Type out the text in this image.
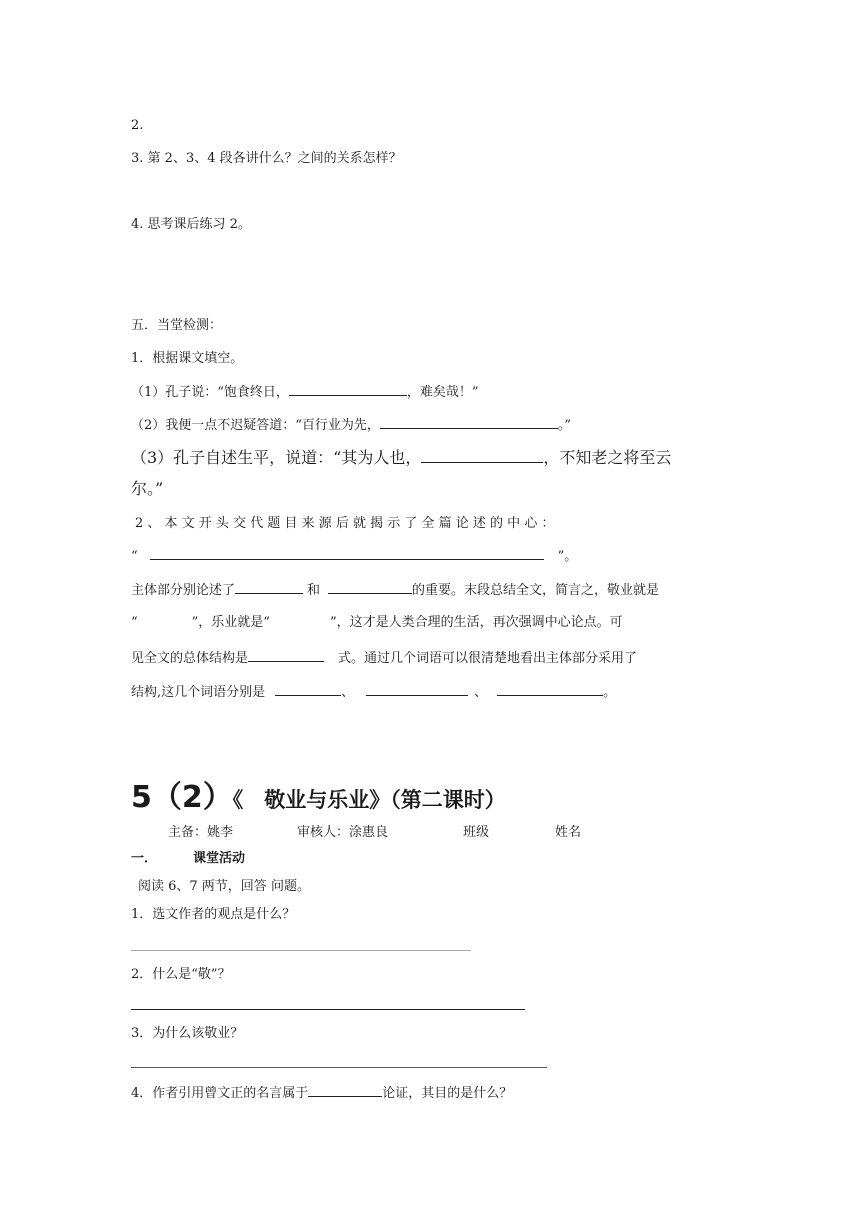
2.
3. 第 2、3、4 段各讲什么？之间的关系怎样？
4. 思考课后练习 2。
五．当堂检测：
1．根据课文填空。
（1）孔子说：“饱食终日，	，难矣哉！”
（2）我便一点不迟疑答道：“百行业为先，	。”
（3）孔子自述生平，说道：“其为人也，	，不知老之将至云
尔。”
2 、 本 文 开 头 交 代 题 目 来 源 后 就 揭 示 了 全 篇 论 述 的 中 心 ：
“	”。
主体部分别论述了	和	的重要。末段总结全文，简言之，敬业就是
“	”，乐业就是“	”，这才是人类合理的生活，再次强调中心论点。可
见全文的总体结构是	式。通过几个词语可以很清楚地看出主体部分采用了
结构,这几个词语分别是	、	、	。
5（2）《　敬业与乐业》（第二课时）
主备：姚李	审核人：涂惠良	班级	姓名
一．	课堂活动
阅读 6、7 两节，回答 问题。
1．选文作者的观点是什么？
2．什么是“敬”？
3．为什么该敬业？
4．作者引用曾文正的名言属于	论证，其目的是什么？
